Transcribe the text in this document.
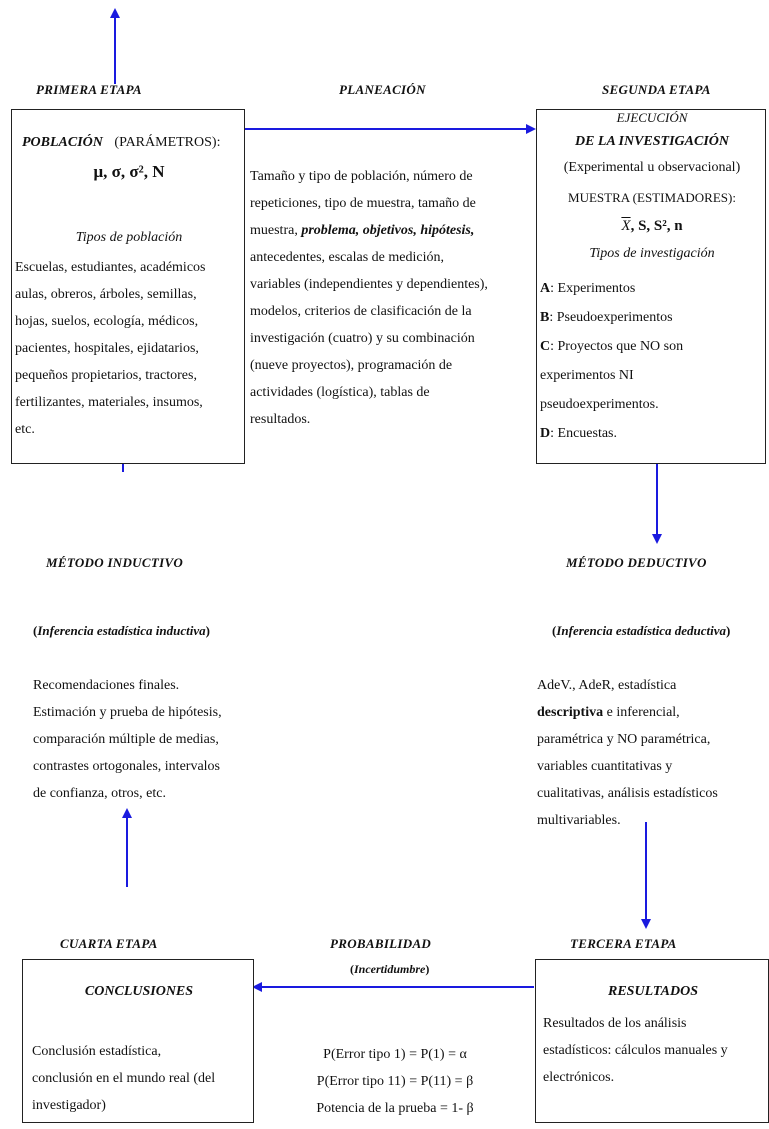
PRIMERA ETAPA	PLANEACIÓN	SEGUNDA ETAPA
POBLACIÓN (PARÁMETROS):
μ, σ, σ², N
Tipos de población
Escuelas, estudiantes, académicos
aulas, obreros, árboles, semillas,
hojas, suelos, ecología, médicos,
pacientes, hospitales, ejidatarios,
pequeños propietarios, tractores,
fertilizantes, materiales, insumos,
etc.
Tamaño y tipo de población, número de
repeticiones, tipo de muestra, tamaño de
muestra, problema, objetivos, hipótesis,
antecedentes, escalas de medición,
variables (independientes y dependientes),
modelos, criterios de clasificación de la
investigación (cuatro) y su combinación
(nueve proyectos), programación de
actividades (logística), tablas de
resultados.
EJECUCIÓN
DE LA INVESTIGACIÓN
(Experimental u observacional)
MUESTRA (ESTIMADORES):
$\overline{X}$, S, S², n
Tipos de investigación
A: Experimentos
B: Pseudoexperimentos
C: Proyectos que NO son
experimentos NI
pseudoexperimentos.
D: Encuestas.
MÉTODO INDUCTIVO	MÉTODO DEDUCTIVO
(Inferencia estadística inductiva)	(Inferencia estadística deductiva)
Recomendaciones finales.
Estimación y prueba de hipótesis,
comparación múltiple de medias,
contrastes ortogonales, intervalos
de confianza, otros, etc.
AdeV., AdeR, estadística
descriptiva e inferencial,
paramétrica y NO paramétrica,
variables cuantitativas y
cualitativas, análisis estadísticos
multivariables.
CUARTA ETAPA	PROBABILIDAD	TERCERA ETAPA
(Incertidumbre)
CONCLUSIONES
Conclusión estadística,
conclusión en el mundo real (del
investigador)
P(Error tipo 1) = P(1) = α
P(Error tipo 11) = P(11) = β
Potencia de la prueba = 1- β
RESULTADOS
Resultados de los análisis
estadísticos: cálculos manuales y
electrónicos.
